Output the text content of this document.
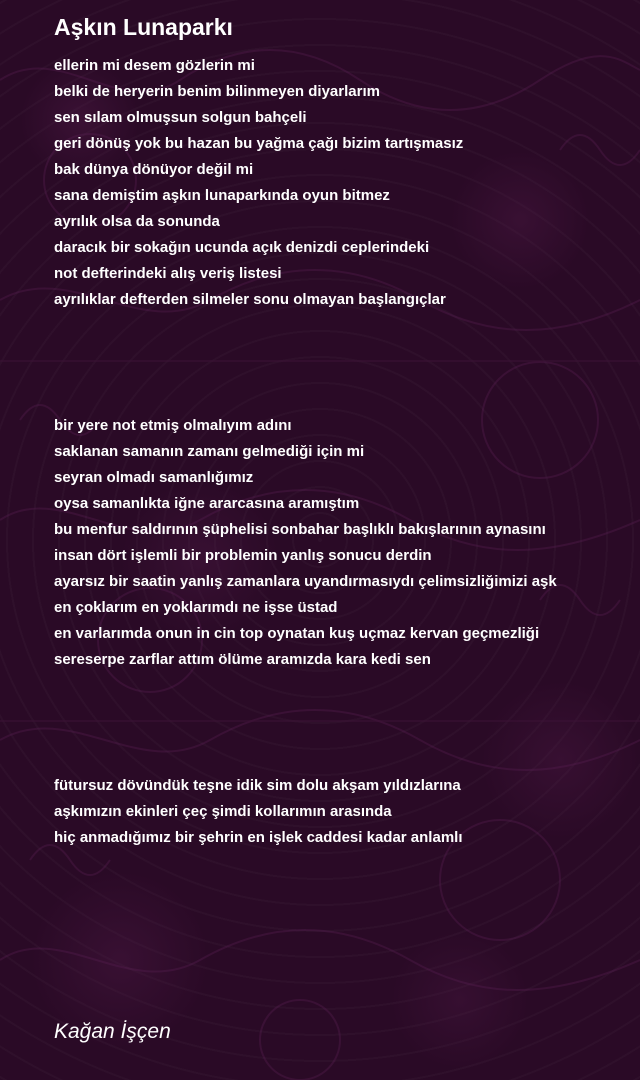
Aşkın Lunaparkı
ellerin mi desem gözlerin mi
belki de heryerin benim bilinmeyen diyarlarım
sen sılam olmuşsun solgun bahçeli
geri dönüş yok bu hazan bu yağma çağı bizim tartışmasız
bak dünya dönüyor değil mi
sana demiştim aşkın lunaparkında oyun bitmez
ayrılık olsa da sonunda
daracık bir sokağın ucunda açık denizdi ceplerindeki
not defterindeki alış veriş listesi
ayrılıklar defterden silmeler sonu olmayan başlangıçlar
bir yere not etmiş olmalıyım adını
saklanan samanın zamanı gelmediği için mi
seyran olmadı samanlığımız
oysa samanlıkta iğne ararcasına aramıştım
bu menfur saldırının şüphelisi sonbahar başlıklı bakışlarının aynasını
insan dört işlemli bir problemin yanlış sonucu derdin
ayarsız bir saatin yanlış zamanlara uyandırmasıydı çelimsizliğimizi aşk
en çoklarım en yoklarımdı ne işse üstad
en varlarımda onun in cin top oynatan kuş uçmaz kervan geçmezliği
sereserpe zarflar attım ölüme aramızda kara kedi sen
fütursuz dövündük teşne idik sim dolu akşam yıldızlarına
aşkımızın ekinleri çeç şimdi kollarımın arasında
hiç anmadığımız bir şehrin en işlek caddesi kadar anlamlı

Kağan İşçen
